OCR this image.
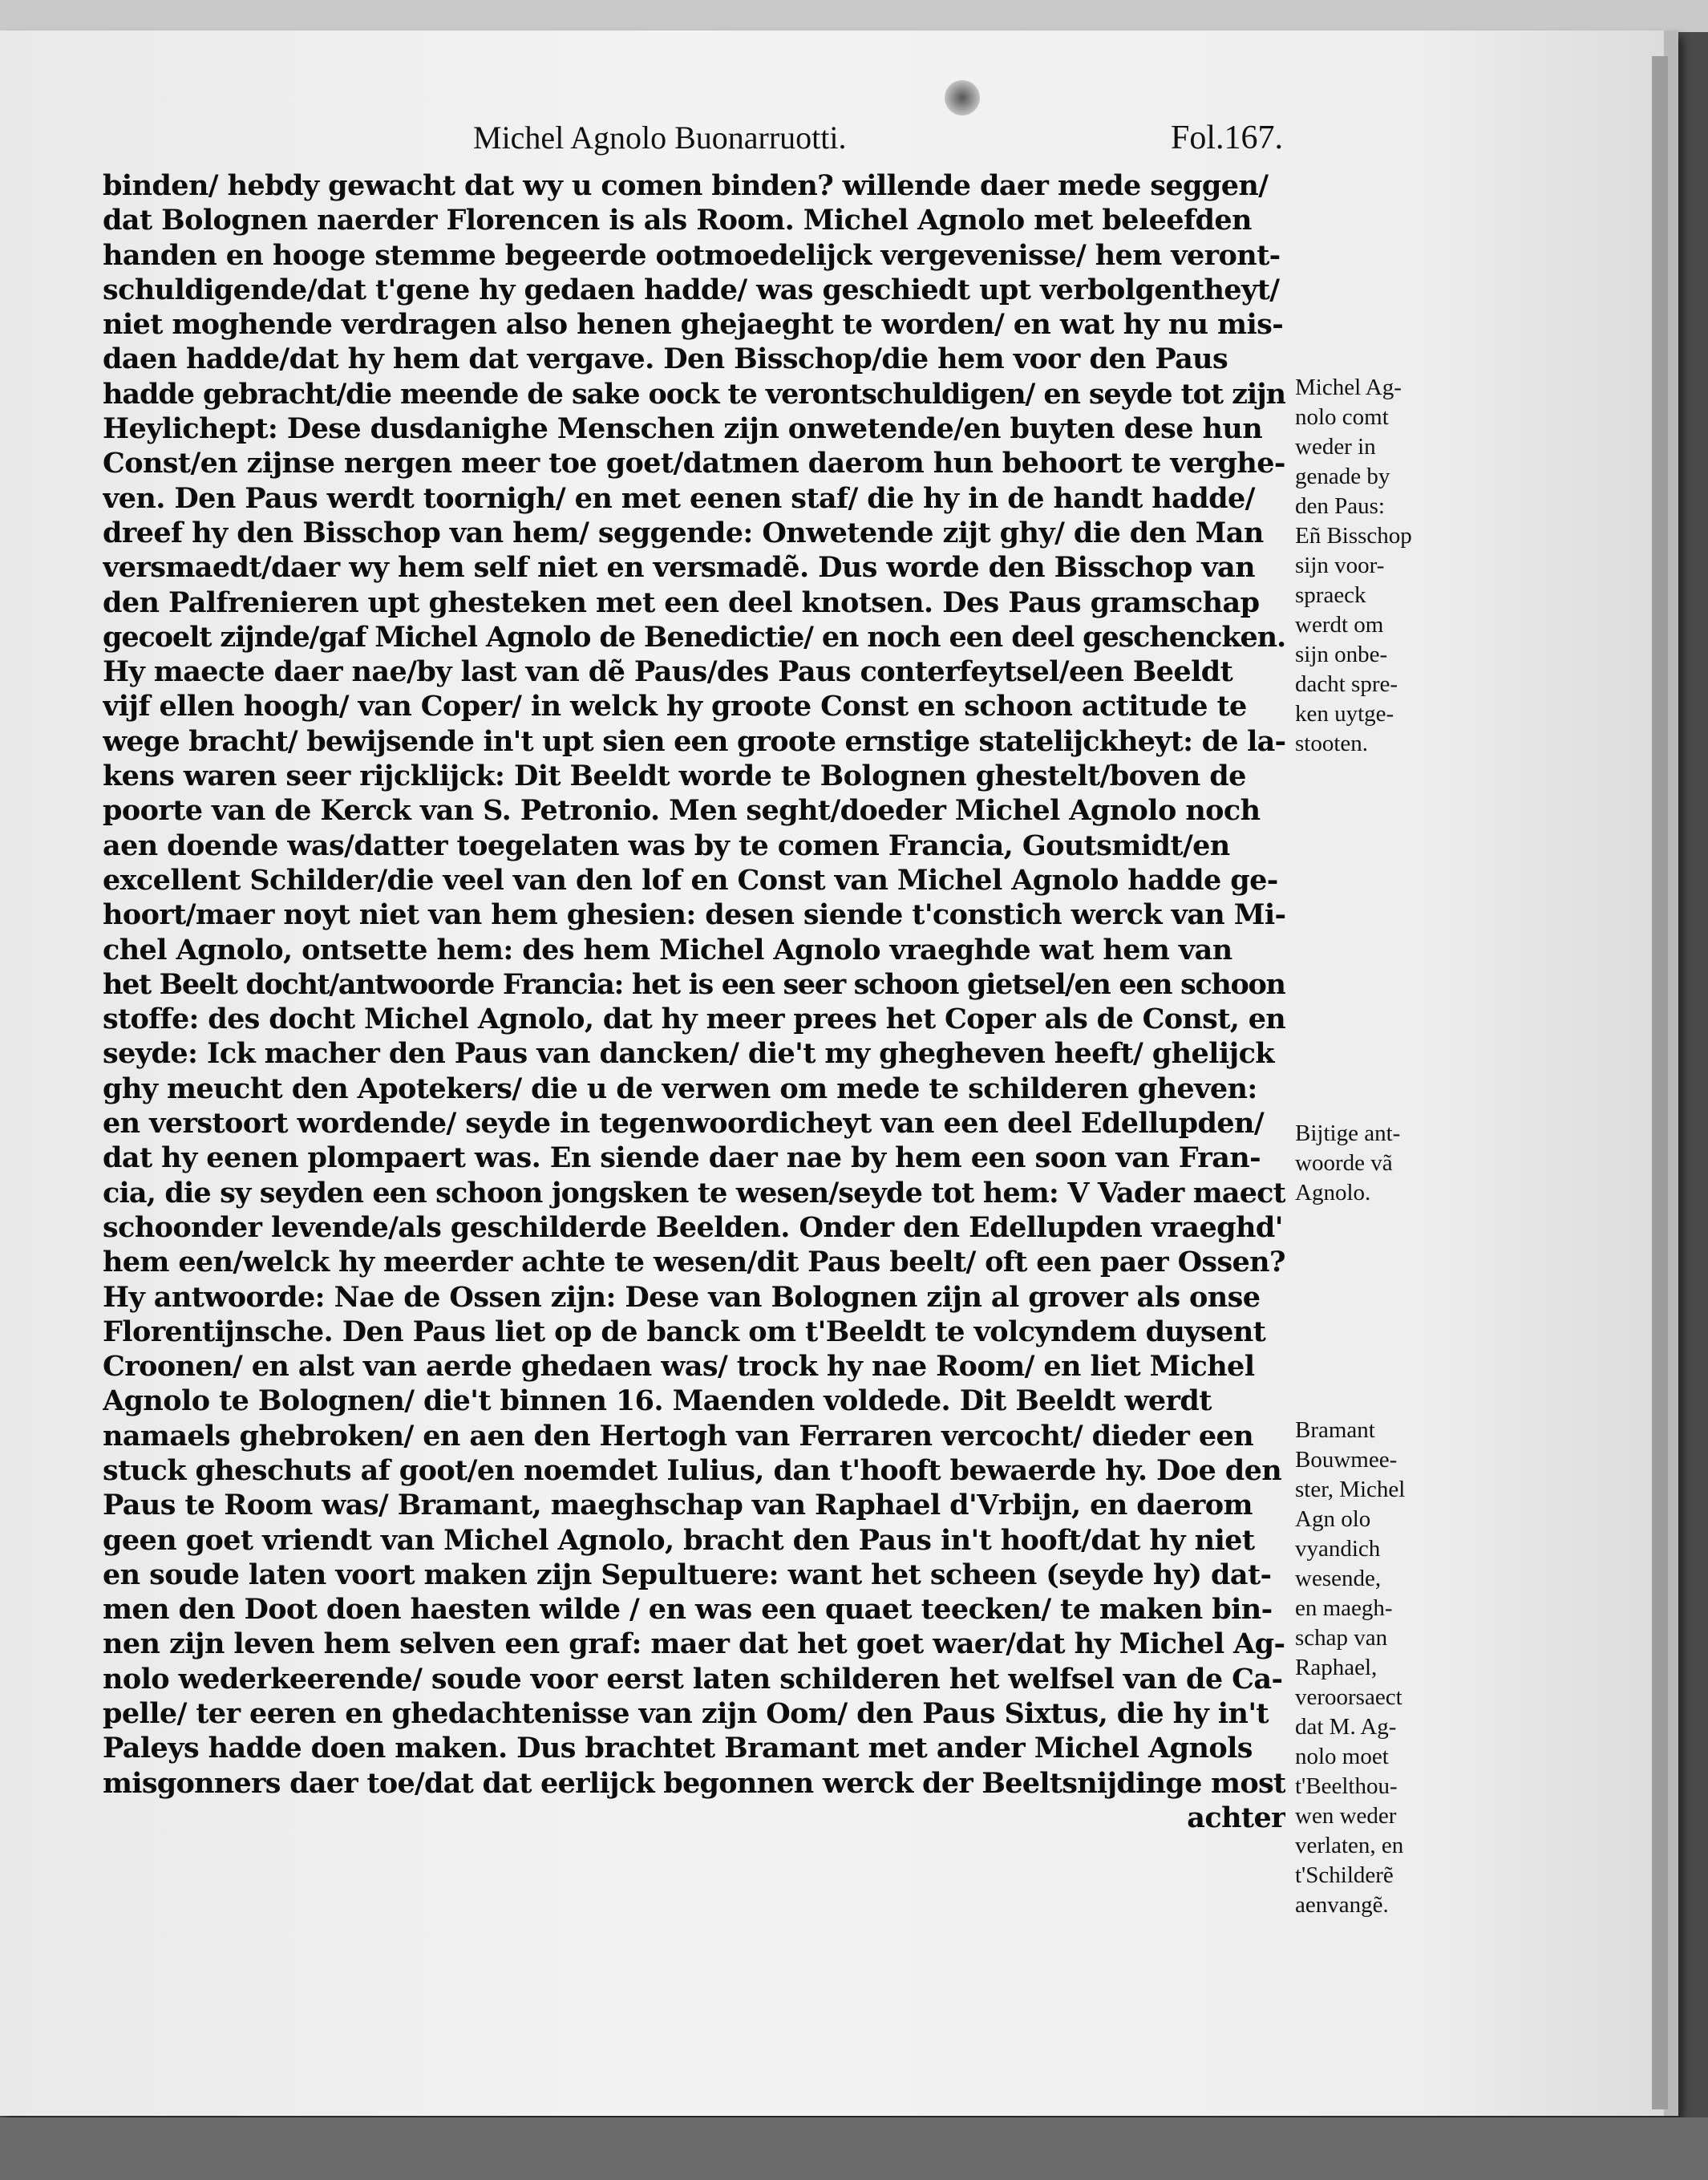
Michel Agnolo Buonarruotti.	Fol.167.
binden/ hebdy gewacht dat wy u comen binden? willende daer mede seggen/
dat Bolognen naerder Florencen is als Room. Michel Agnolo met beleefden
handen en hooge stemme begeerde ootmoedelijck vergevenisse/ hem veront-
schuldigende/dat t'gene hy gedaen hadde/ was geschiedt upt verbolgentheyt/
niet moghende verdragen also henen ghejaeght te worden/ en wat hy nu mis-
daen hadde/dat hy hem dat vergave. Den Bisschop/die hem voor den Paus
hadde gebracht/die meende de sake oock te verontschuldigen/ en seyde tot zijn
Heylichept: Dese dusdanighe Menschen zijn onwetende/en buyten dese hun
Const/en zijnse nergen meer toe goet/datmen daerom hun behoort te verghe-
ven. Den Paus werdt toornigh/ en met eenen staf/ die hy in de handt hadde/
dreef hy den Bisschop van hem/ seggende: Onwetende zijt ghy/ die den Man
versmaedt/daer wy hem self niet en versmadẽ. Dus worde den Bisschop van
den Palfrenieren upt ghesteken met een deel knotsen. Des Paus gramschap
gecoelt zijnde/gaf Michel Agnolo de Benedictie/ en noch een deel geschencken.
Hy maecte daer nae/by last van dẽ Paus/des Paus conterfeytsel/een Beeldt
vijf ellen hoogh/ van Coper/ in welck hy groote Const en schoon actitude te
wege bracht/ bewijsende in't upt sien een groote ernstige statelijckheyt: de la-
kens waren seer rijcklijck: Dit Beeldt worde te Bolognen ghestelt/boven de
poorte van de Kerck van S. Petronio. Men seght/doeder Michel Agnolo noch
aen doende was/datter toegelaten was by te comen Francia, Goutsmidt/en
excellent Schilder/die veel van den lof en Const van Michel Agnolo hadde ge-
hoort/maer noyt niet van hem ghesien: desen siende t'constich werck van Mi-
chel Agnolo, ontsette hem: des hem Michel Agnolo vraeghde wat hem van
het Beelt docht/antwoorde Francia: het is een seer schoon gietsel/en een schoon
stoffe: des docht Michel Agnolo, dat hy meer prees het Coper als de Const, en
seyde: Ick macher den Paus van dancken/ die't my ghegheven heeft/ ghelijck
ghy meucht den Apotekers/ die u de verwen om mede te schilderen gheven:
en verstoort wordende/ seyde in tegenwoordicheyt van een deel Edellupden/
dat hy eenen plompaert was. En siende daer nae by hem een soon van Fran-
cia, die sy seyden een schoon jongsken te wesen/seyde tot hem: V Vader maect
schoonder levende/als geschilderde Beelden. Onder den Edellupden vraeghd'
hem een/welck hy meerder achte te wesen/dit Paus beelt/ oft een paer Ossen?
Hy antwoorde: Nae de Ossen zijn: Dese van Bolognen zijn al grover als onse
Florentijnsche. Den Paus liet op de banck om t'Beeldt te volcyndem duysent
Croonen/ en alst van aerde ghedaen was/ trock hy nae Room/ en liet Michel
Agnolo te Bolognen/ die't binnen 16. Maenden voldede. Dit Beeldt werdt
namaels ghebroken/ en aen den Hertogh van Ferraren vercocht/ dieder een
stuck gheschuts af goot/en noemdet Iulius, dan t'hooft bewaerde hy. Doe den
Paus te Room was/ Bramant, maeghschap van Raphael d'Vrbijn, en daerom
geen goet vriendt van Michel Agnolo, bracht den Paus in't hooft/dat hy niet
en soude laten voort maken zijn Sepultuere: want het scheen (seyde hy) dat-
men den Doot doen haesten wilde / en was een quaet teecken/ te maken bin-
nen zijn leven hem selven een graf: maer dat het goet waer/dat hy Michel Ag-
nolo wederkeerende/ soude voor eerst laten schilderen het welfsel van de Ca-
pelle/ ter eeren en ghedachtenisse van zijn Oom/ den Paus Sixtus, die hy in't
Paleys hadde doen maken. Dus brachtet Bramant met ander Michel Agnols
misgonners daer toe/dat dat eerlijck begonnen werck der Beeltsnijdinge most
achter
Michel Ag-
nolo comt
weder in
genade by
den Paus:
Eñ Bisschop
sijn voor-
spraeck
werdt om
sijn onbe-
dacht spre-
ken uytge-
stooten.
Bijtige ant-
woorde vã
Agnolo.
Bramant
Bouwmee-
ster, Michel
Agn olo
vyandich
wesende,
en maegh-
schap van
Raphael,
veroorsaect
dat M. Ag-
nolo moet
t'Beelthou-
wen weder
verlaten, en
t'Schilderẽ
aenvangẽ.
